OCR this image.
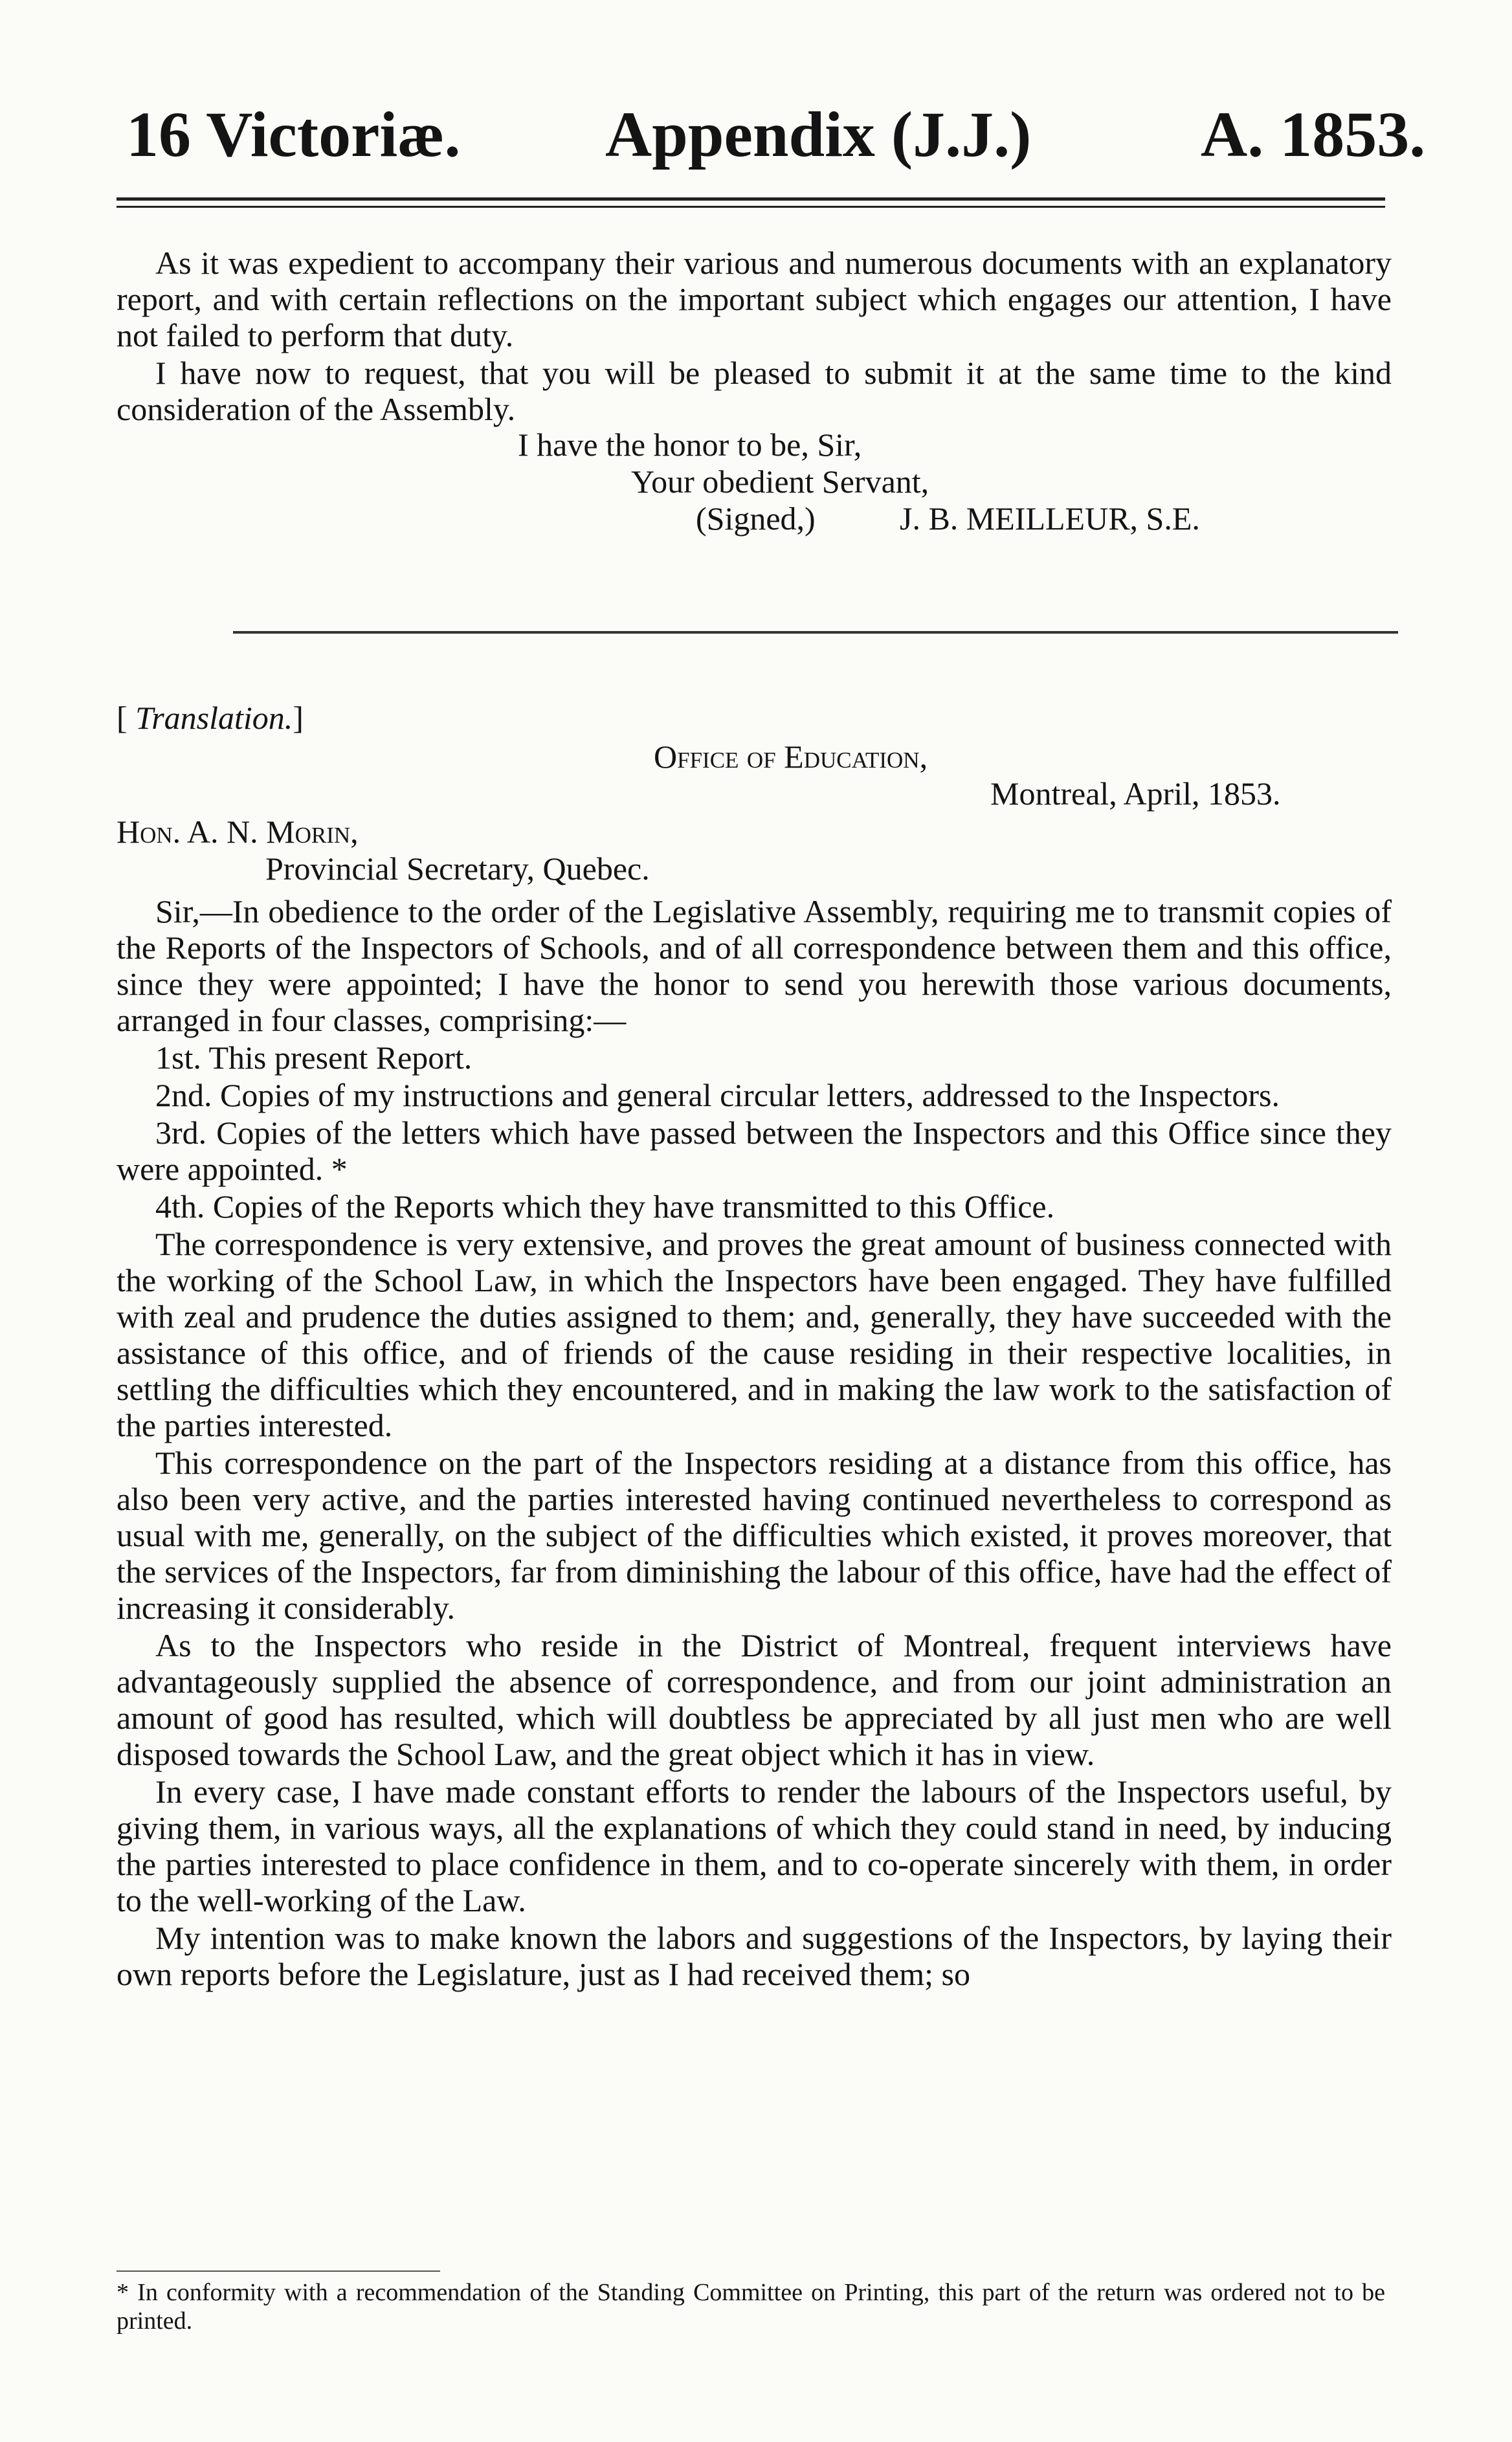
16 Victoriæ. Appendix (J.J.)	A. 1853.

As it was expedient to accompany their various and numerous documents with an explanatory report, and with certain reflections on the important subject which engages our attention, I have not failed to perform that duty.

I have now to request, that you will be pleased to submit it at the same time to the kind consideration of the Assembly.

I have the honor to be, Sir,
Your obedient Servant,
(Signed,)	J. B. MEILLEUR, S.E.
[ Translation.]
Office of Education,
Montreal, April, 1853.
Hon. A. N. Morin,
Provincial Secretary, Quebec.

Sir,—In obedience to the order of the Legislative Assembly, requiring me to transmit copies of the Reports of the Inspectors of Schools, and of all correspondence between them and this office, since they were appointed; I have the honor to send you herewith those various documents, arranged in four classes, comprising:—

1st. This present Report.

2nd. Copies of my instructions and general circular letters, addressed to the Inspectors.

3rd. Copies of the letters which have passed between the Inspectors and this Office since they were appointed. *

4th. Copies of the Reports which they have transmitted to this Office.

The correspondence is very extensive, and proves the great amount of business connected with the working of the School Law, in which the Inspectors have been engaged. They have fulfilled with zeal and prudence the duties assigned to them; and, generally, they have succeeded with the assistance of this office, and of friends of the cause residing in their respective localities, in settling the difficulties which they encountered, and in making the law work to the satisfaction of the parties interested.

This correspondence on the part of the Inspectors residing at a distance from this office, has also been very active, and the parties interested having continued nevertheless to correspond as usual with me, generally, on the subject of the difficulties which existed, it proves moreover, that the services of the Inspectors, far from diminishing the labour of this office, have had the effect of increasing it considerably.

As to the Inspectors who reside in the District of Montreal, frequent interviews have advantageously supplied the absence of correspondence, and from our joint administration an amount of good has resulted, which will doubtless be appreciated by all just men who are well disposed towards the School Law, and the great object which it has in view.

In every case, I have made constant efforts to render the labours of the Inspectors useful, by giving them, in various ways, all the explanations of which they could stand in need, by inducing the parties interested to place confidence in them, and to co-operate sincerely with them, in order to the well-working of the Law.

My intention was to make known the labors and suggestions of the Inspectors, by laying their own reports before the Legislature, just as I had received them; so

* In conformity with a recommendation of the Standing Committee on Printing, this part of the return was ordered not to be printed.
